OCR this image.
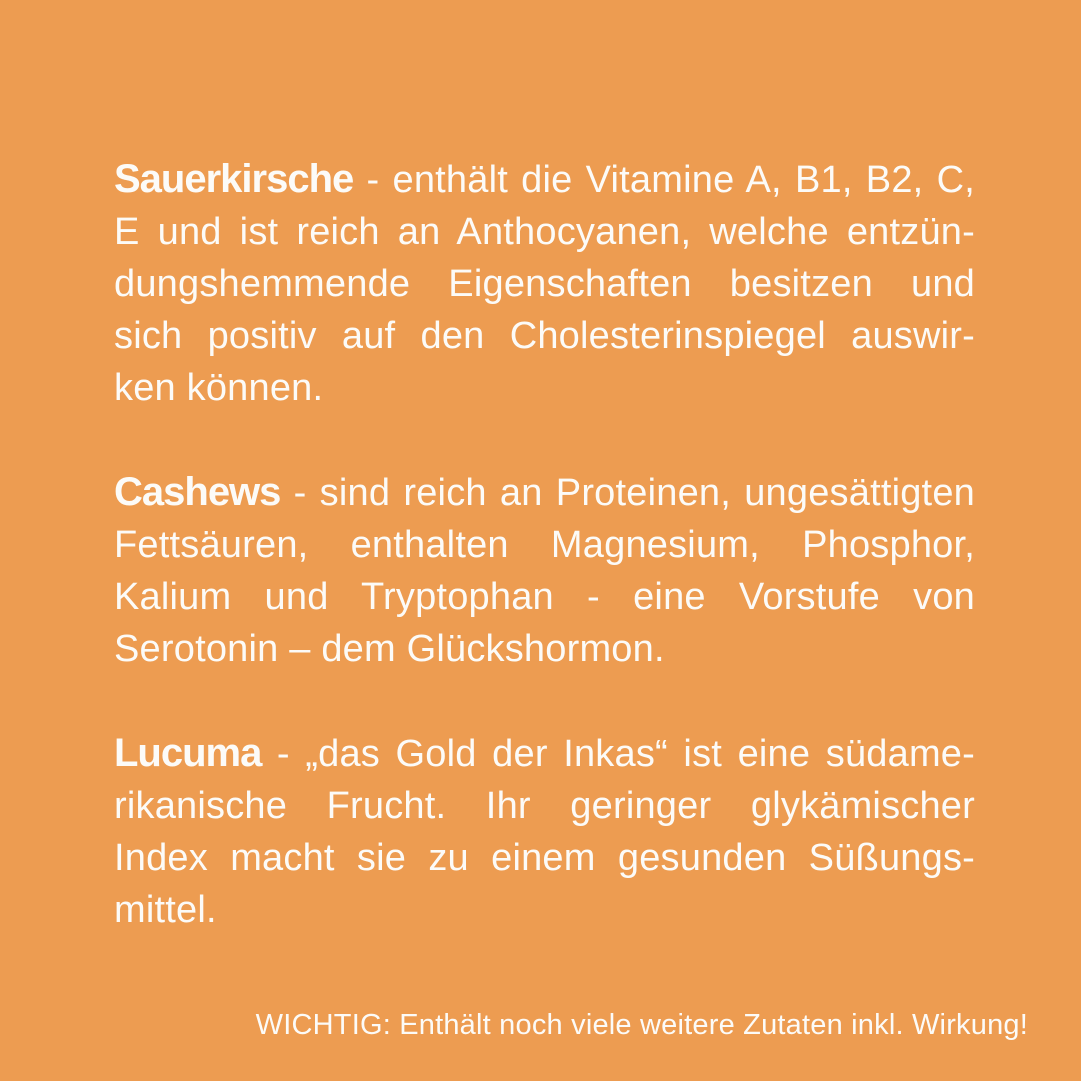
Sauerkirsche - enthält die Vitamine A, B1, B2, C,
E und ist reich an Anthocyanen, welche entzün-
dungshemmende Eigenschaften besitzen und
sich positiv auf den Cholesterinspiegel auswir-
ken können.
Cashews - sind reich an Proteinen, ungesättigten
Fettsäuren, enthalten Magnesium, Phosphor,
Kalium und Tryptophan - eine Vorstufe von
Serotonin – dem Glückshormon.
Lucuma - „das Gold der Inkas“ ist eine südame-
rikanische Frucht. Ihr geringer glykämischer
Index macht sie zu einem gesunden Süßungs-
mittel.
WICHTIG: Enthält noch viele weitere Zutaten inkl. Wirkung!
